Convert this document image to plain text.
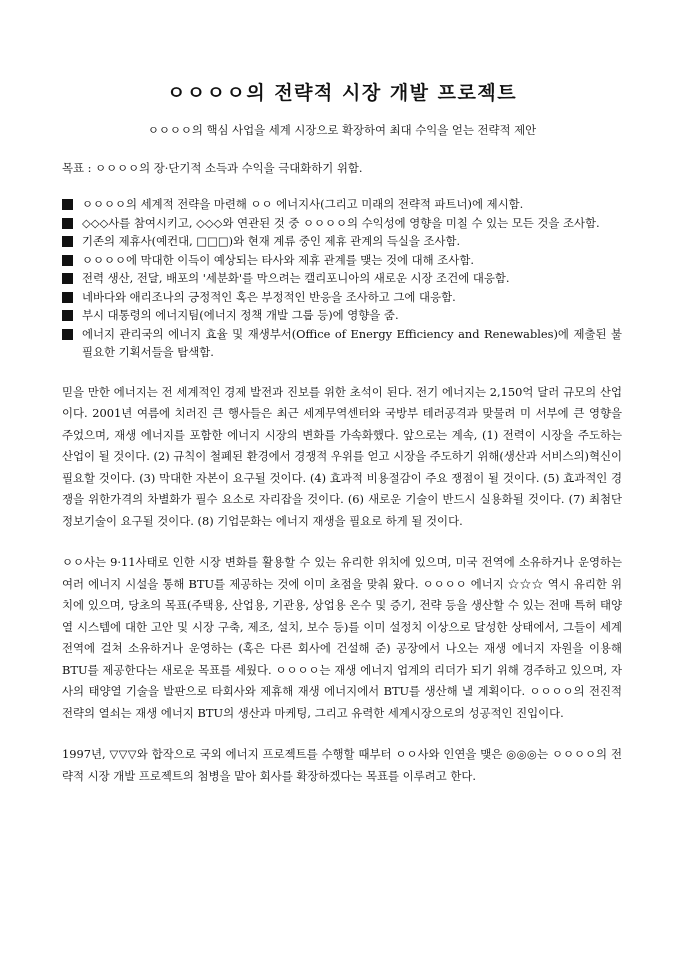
ㅇㅇㅇㅇ의 전략적 시장 개발 프로젝트
ㅇㅇㅇㅇ의 핵심 사업을 세계 시장으로 확장하여 최대 수익을 얻는 전략적 제안
목표 : ㅇㅇㅇㅇ의 장·단기적 소득과 수익을 극대화하기 위함.
ㅇㅇㅇㅇ의 세계적 전략을 마련해 ㅇㅇ 에너지사(그리고 미래의 전략적 파트너)에 제시함.
◇◇◇사를 참여시키고, ◇◇◇와 연관된 것 중 ㅇㅇㅇㅇ의 수익성에 영향을 미칠 수 있는 모든 것을 조사함.
기존의 제휴사(예컨대, □□□)와 현재 계류 중인 제휴 관계의 득실을 조사함.
ㅇㅇㅇㅇ에 막대한 이득이 예상되는 타사와 제휴 관계를 맺는 것에 대해 조사함.
전력 생산, 전달, 배포의 '세분화'를 막으려는 캘리포니아의 새로운 시장 조건에 대응함.
네바다와 애리조나의 긍정적인 혹은 부정적인 반응을 조사하고 그에 대응함.
부시 대통령의 에너지팀(에너지 정책 개발 그룹 등)에 영향을 줌.
에너지 관리국의 에너지 효율 및 재생부서(Office of Energy Efficiency and Renewables)에 제출된 불필요한 기획서들을 탐색함.

믿을 만한 에너지는 전 세계적인 경제 발전과 진보를 위한 초석이 된다. 전기 에너지는 2,150억 달러 규모의 산업이다. 2001년 여름에 치러진 큰 행사들은 최근 세계무역센터와 국방부 테러공격과 맞물려 미 서부에 큰 영향을 주었으며, 재생 에너지를 포함한 에너지 시장의 변화를 가속화했다. 앞으로는 계속, (1) 전력이 시장을 주도하는 산업이 될 것이다. (2) 규칙이 철폐된 환경에서 경쟁적 우위를 얻고 시장을 주도하기 위해(생산과 서비스의)혁신이 필요할 것이다. (3) 막대한 자본이 요구될 것이다. (4) 효과적 비용절감이 주요 쟁점이 될 것이다. (5) 효과적인 경쟁을 위한가격의 차별화가 필수 요소로 자리잡을 것이다. (6) 새로운 기술이 반드시 실용화될 것이다. (7) 최첨단 정보기술이 요구될 것이다. (8) 기업문화는 에너지 재생을 필요로 하게 될 것이다.

ㅇㅇ사는 9·11사태로 인한 시장 변화를 활용할 수 있는 유리한 위치에 있으며, 미국 전역에 소유하거나 운영하는 여러 에너지 시설을 통해 BTU를 제공하는 것에 이미 초점을 맞춰 왔다. ㅇㅇㅇㅇ 에너지 ☆☆☆ 역시 유리한 위치에 있으며, 당초의 목표(주택용, 산업용, 기관용, 상업용 온수 및 증기, 전략 등을 생산할 수 있는 전매 특허 태양열 시스템에 대한 고안 및 시장 구축, 제조, 설치, 보수 등)를 이미 설정치 이상으로 달성한 상태에서, 그들이 세계 전역에 걸쳐 소유하거나 운영하는 (혹은 다른 회사에 건설해 준) 공장에서 나오는 재생 에너지 자원을 이용해 BTU를 제공한다는 새로운 목표를 세웠다. ㅇㅇㅇㅇ는 재생 에너지 업계의 리더가 되기 위해 경주하고 있으며, 자사의 태양열 기술을 발판으로 타회사와 제휴해 재생 에너지에서 BTU를 생산해 낼 계획이다. ㅇㅇㅇㅇ의 전진적 전략의 열쇠는 재생 에너지 BTU의 생산과 마케팅, 그리고 유력한 세계시장으로의 성공적인 진입이다.

1997년, ▽▽▽와 합작으로 국외 에너지 프로젝트를 수행할 때부터 ㅇㅇ사와 인연을 맺은 ◎◎◎는 ㅇㅇㅇㅇ의 전략적 시장 개발 프로젝트의 첨병을 맡아 회사를 확장하겠다는 목표를 이루려고 한다.
